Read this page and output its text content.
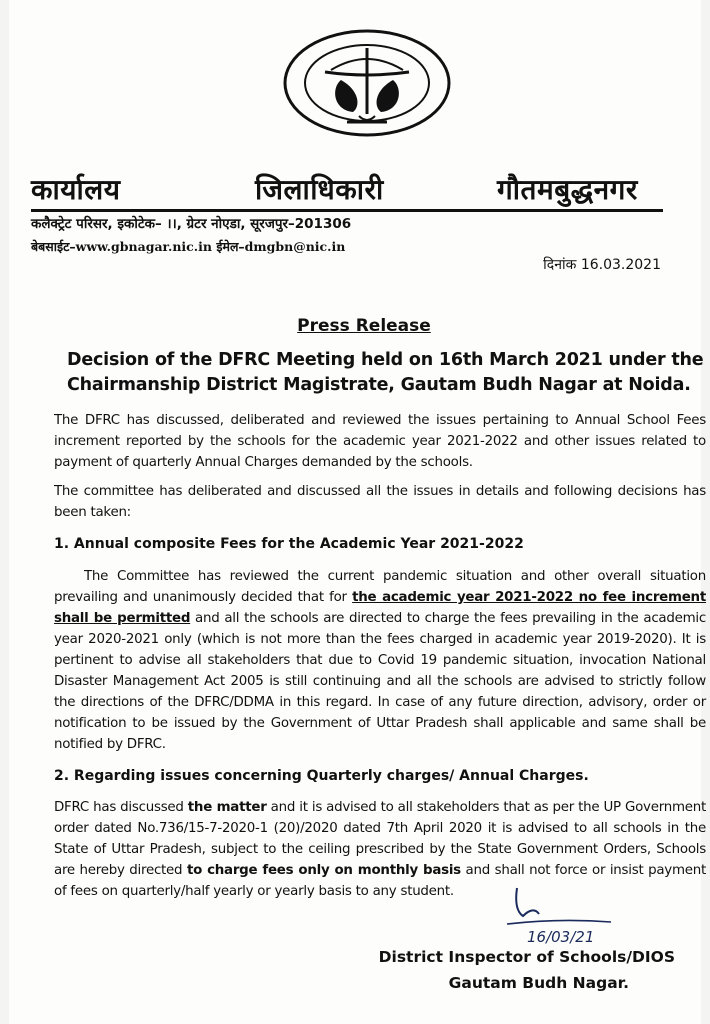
कार्यालय	जिलाधिकारी	गौतमबुद्धनगर
कलैक्ट्रेट परिसर, इकोटेक– ।।, ग्रेटर नोएडा, सूरजपुर–201306
बेबसाईट–www.gbnagar.nic.in ईमेल–dmgbn@nic.in
दिनांक 16.03.2021
Press Release
Decision of the DFRC Meeting held on 16th March 2021 under the Chairmanship District Magistrate, Gautam Budh Nagar at Noida.
The DFRC has discussed, deliberated and reviewed the issues pertaining to Annual School Fees increment reported by the schools for the academic year 2021-2022 and other issues related to payment of quarterly Annual Charges demanded by the schools.
The committee has deliberated and discussed all the issues in details and following decisions has been taken:
1. Annual composite Fees for the Academic Year 2021-2022
The Committee has reviewed the current pandemic situation and other overall situation prevailing and unanimously decided that for the academic year 2021-2022 no fee increment shall be permitted and all the schools are directed to charge the fees prevailing in the academic year 2020-2021 only (which is not more than the fees charged in academic year 2019-2020). It is pertinent to advise all stakeholders that due to Covid 19 pandemic situation, invocation National Disaster Management Act 2005 is still continuing and all the schools are advised to strictly follow the directions of the DFRC/DDMA in this regard. In case of any future direction, advisory, order or notification to be issued by the Government of Uttar Pradesh shall applicable and same shall be notified by DFRC.
2. Regarding issues concerning Quarterly charges/ Annual Charges.
DFRC has discussed the matter and it is advised to all stakeholders that as per the UP Government order dated No.736/15-7-2020-1 (20)/2020 dated 7th April 2020 it is advised to all schools in the State of Uttar Pradesh, subject to the ceiling prescribed by the State Government Orders, Schools are hereby directed to charge fees only on monthly basis and shall not force or insist payment of fees on quarterly/half yearly or yearly basis to any student.
16/03/21
District Inspector of Schools/DIOS
Gautam Budh Nagar.
